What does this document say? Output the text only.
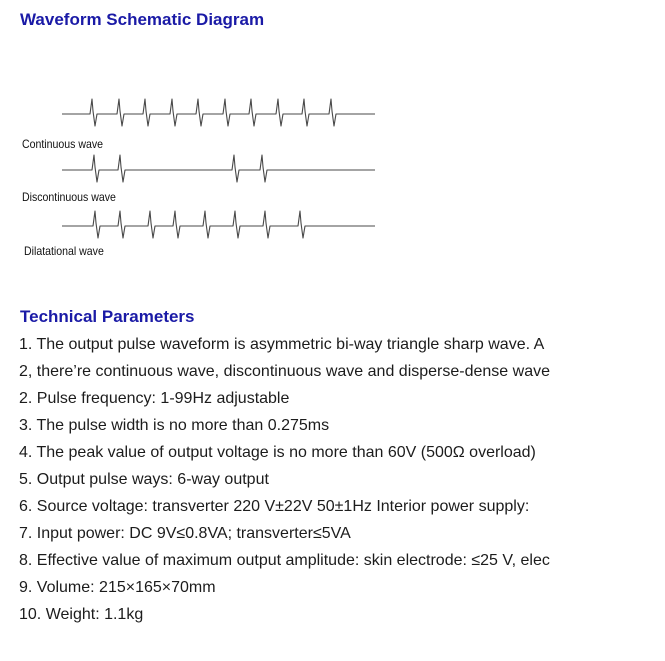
Waveform Schematic Diagram
Continuous wave
Discontinuous wave
Dilatational wave
Technical Parameters
1. The output pulse waveform is asymmetric bi-way triangle sharp wave. A
2, there’re continuous wave, discontinuous wave and disperse-dense wave
2. Pulse frequency: 1-99Hz adjustable
3. The pulse width is no more than 0.275ms
4. The peak value of output voltage is no more than 60V (500Ω overload)
5. Output pulse ways: 6-way output
6. Source voltage: transverter 220 V±22V 50±1Hz Interior power supply:
7. Input power: DC 9V≤0.8VA; transverter≤5VA
8. Effective value of maximum output amplitude: skin electrode: ≤25 V, elec
9. Volume: 215×165×70mm
10. Weight: 1.1kg
